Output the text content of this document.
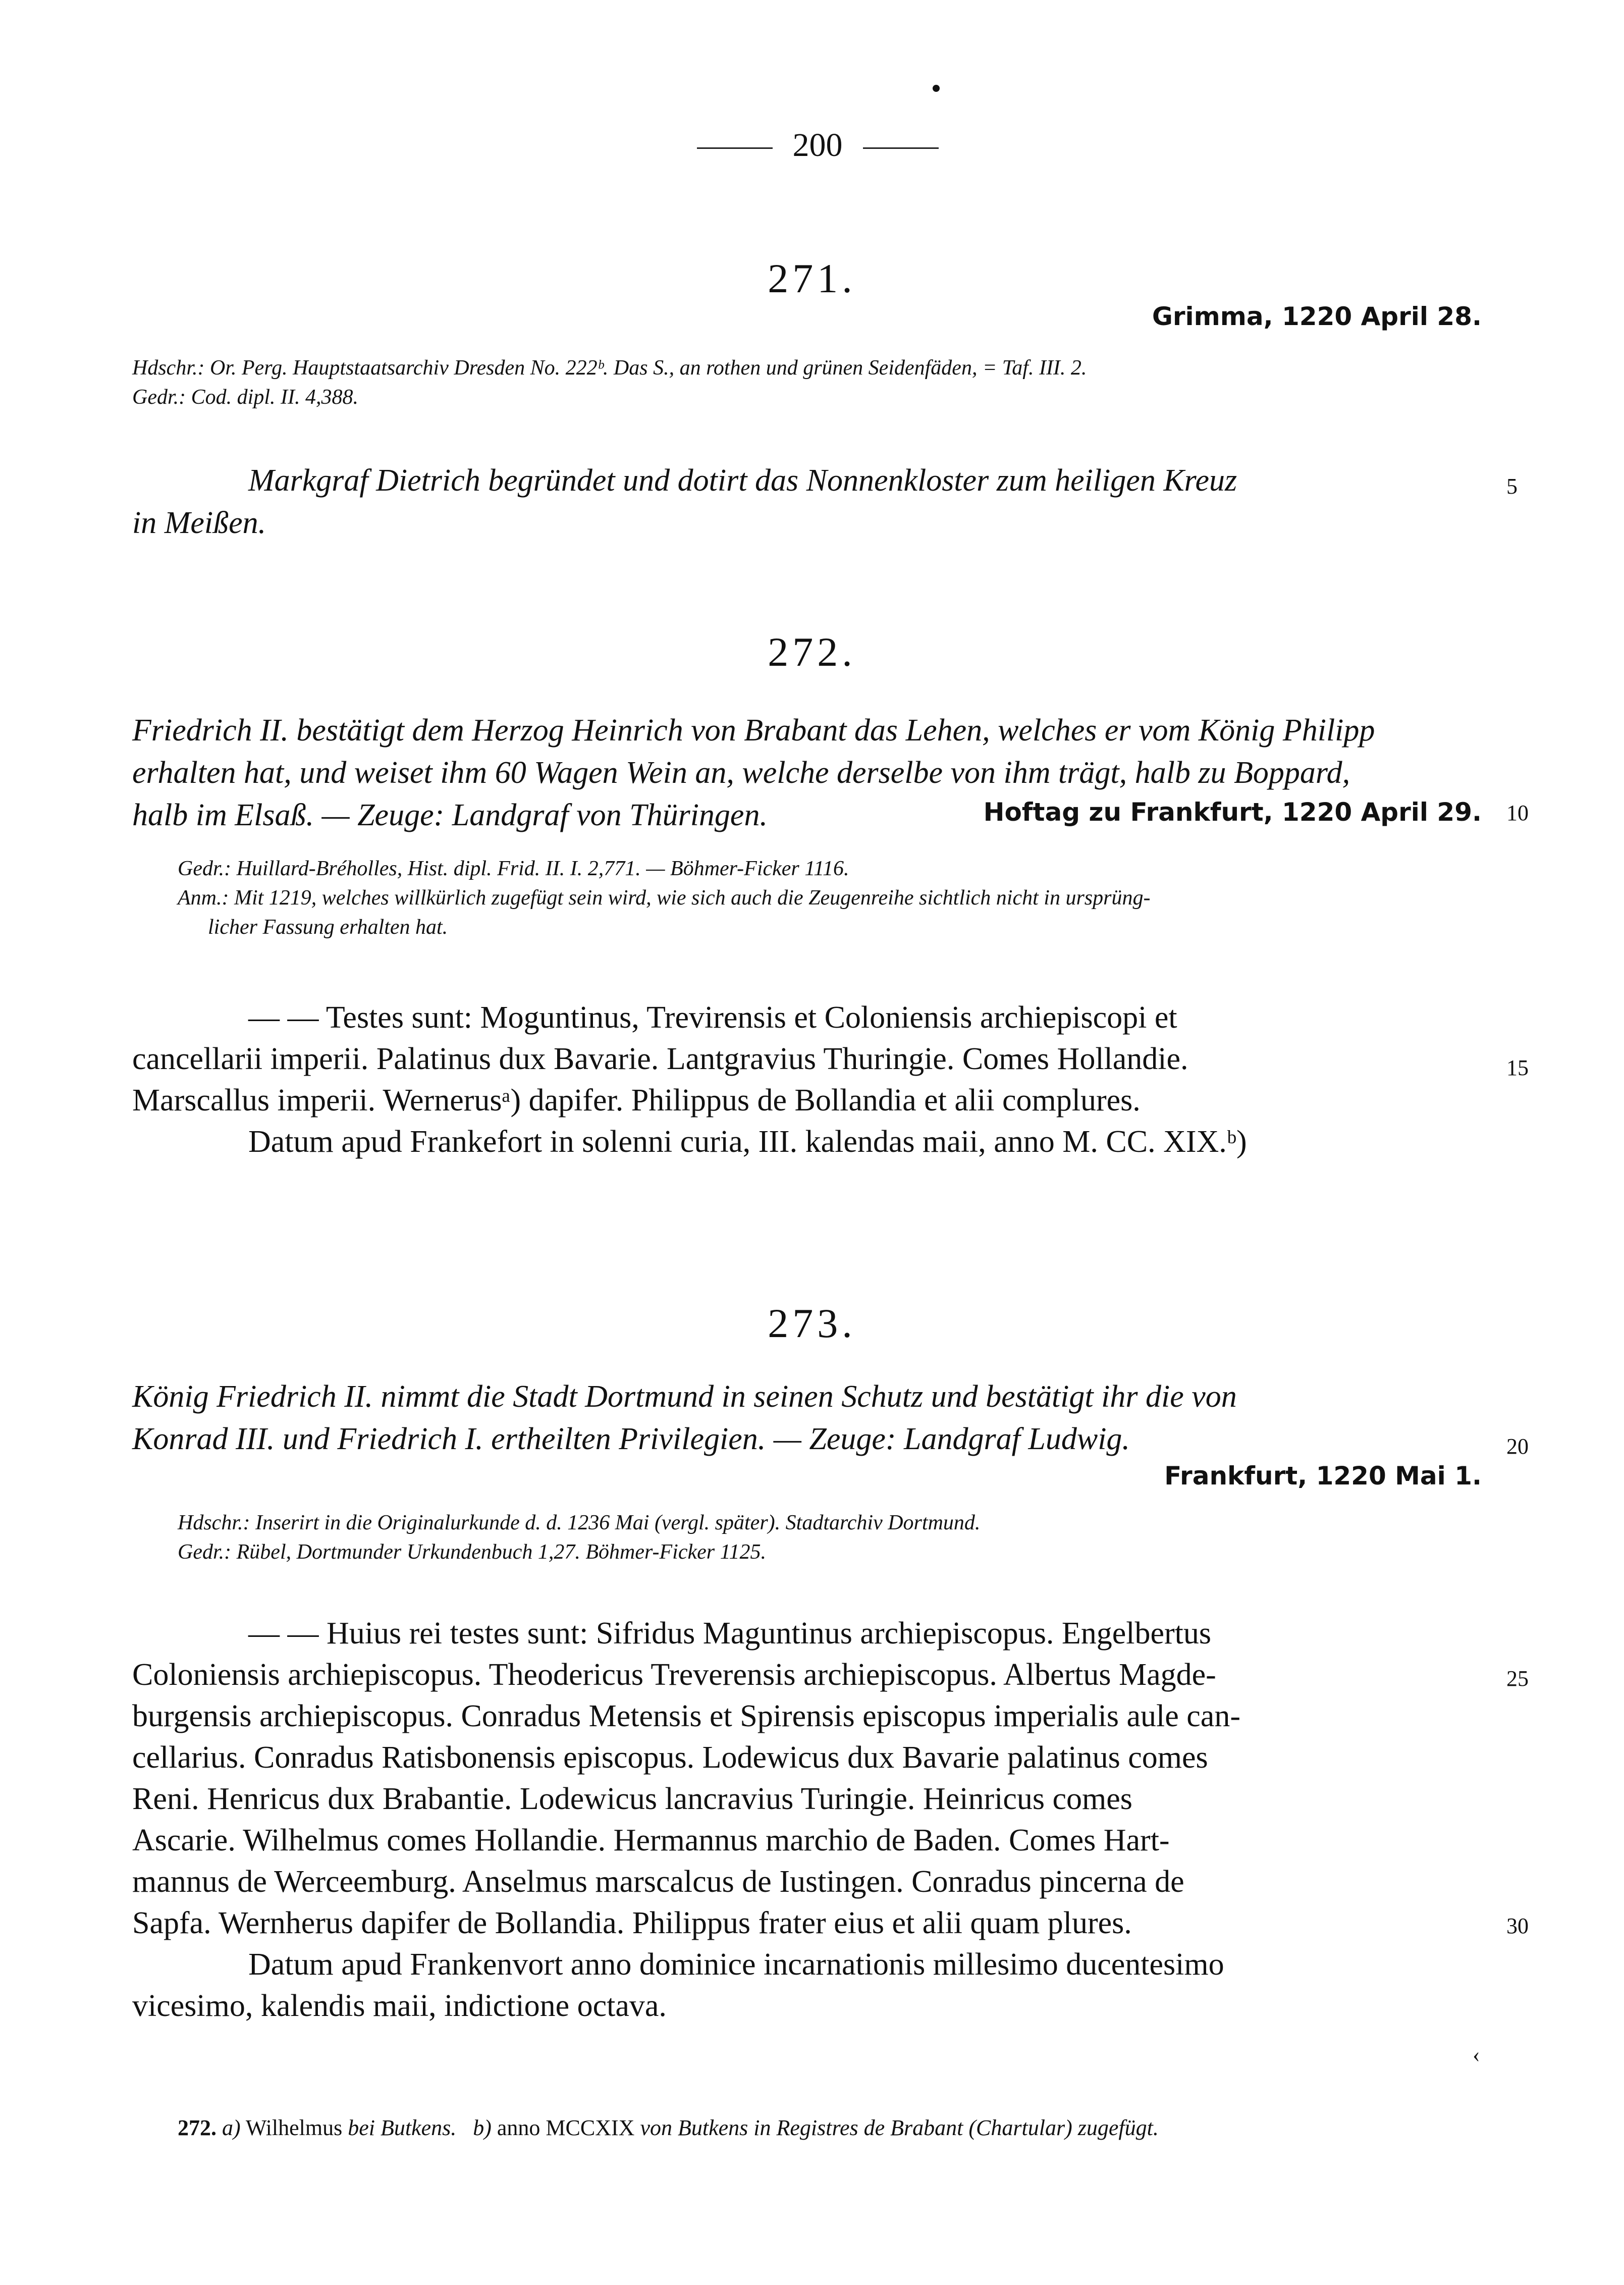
200
271.
Grimma, 1220 April 28.
Hdschr.: Or. Perg. Hauptstaatsarchiv Dresden No. 222ᵇ. Das S., an rothen und grünen Seidenfäden, = Taf. III. 2.
Gedr.: Cod. dipl. II. 4,388.
Markgraf Dietrich begründet und dotirt das Nonnenkloster zum heiligen Kreuz
in Meißen.
272.
Friedrich II. bestätigt dem Herzog Heinrich von Brabant das Lehen, welches er vom König Philipp
erhalten hat, und weiset ihm 60 Wagen Wein an, welche derselbe von ihm trägt, halb zu Boppard,
halb im Elsaß. — Zeuge: Landgraf von Thüringen.	Hoftag zu Frankfurt, 1220 April 29.
Gedr.: Huillard-Bréholles, Hist. dipl. Frid. II. I. 2,771. — Böhmer-Ficker 1116.
Anm.: Mit 1219, welches willkürlich zugefügt sein wird, wie sich auch die Zeugenreihe sichtlich nicht in ursprüng-
licher Fassung erhalten hat.
— — Testes sunt: Moguntinus, Trevirensis et Coloniensis archiepiscopi et
cancellarii imperii. Palatinus dux Bavarie. Lantgravius Thuringie. Comes Hollandie.
Marscallus imperii. Wernerusᵃ) dapifer. Philippus de Bollandia et alii complures.
Datum apud Frankefort in solenni curia, III. kalendas maii, anno M. CC. XIX.ᵇ)
273.
König Friedrich II. nimmt die Stadt Dortmund in seinen Schutz und bestätigt ihr die von
Konrad III. und Friedrich I. ertheilten Privilegien. — Zeuge: Landgraf Ludwig.
Frankfurt, 1220 Mai 1.
Hdschr.: Inserirt in die Originalurkunde d. d. 1236 Mai (vergl. später). Stadtarchiv Dortmund.
Gedr.: Rübel, Dortmunder Urkundenbuch 1,27. Böhmer-Ficker 1125.
— — Huius rei testes sunt: Sifridus Maguntinus archiepiscopus. Engelbertus
Coloniensis archiepiscopus. Theodericus Treverensis archiepiscopus. Albertus Magde-
burgensis archiepiscopus. Conradus Metensis et Spirensis episcopus imperialis aule can-
cellarius. Conradus Ratisbonensis episcopus. Lodewicus dux Bavarie palatinus comes
Reni. Henricus dux Brabantie. Lodewicus lancravius Turingie. Heinricus comes
Ascarie. Wilhelmus comes Hollandie. Hermannus marchio de Baden. Comes Hart-
mannus de Werceemburg. Anselmus marscalcus de Iustingen. Conradus pincerna de
Sapfa. Wernherus dapifer de Bollandia. Philippus frater eius et alii quam plures.
Datum apud Frankenvort anno dominice incarnationis millesimo ducentesimo
vicesimo, kalendis maii, indictione octava.
‹
5
10
15
20
25
30
272. a) Wilhelmus bei Butkens. b) anno MCCXIX von Butkens in Registres de Brabant (Chartular) zugefügt.
